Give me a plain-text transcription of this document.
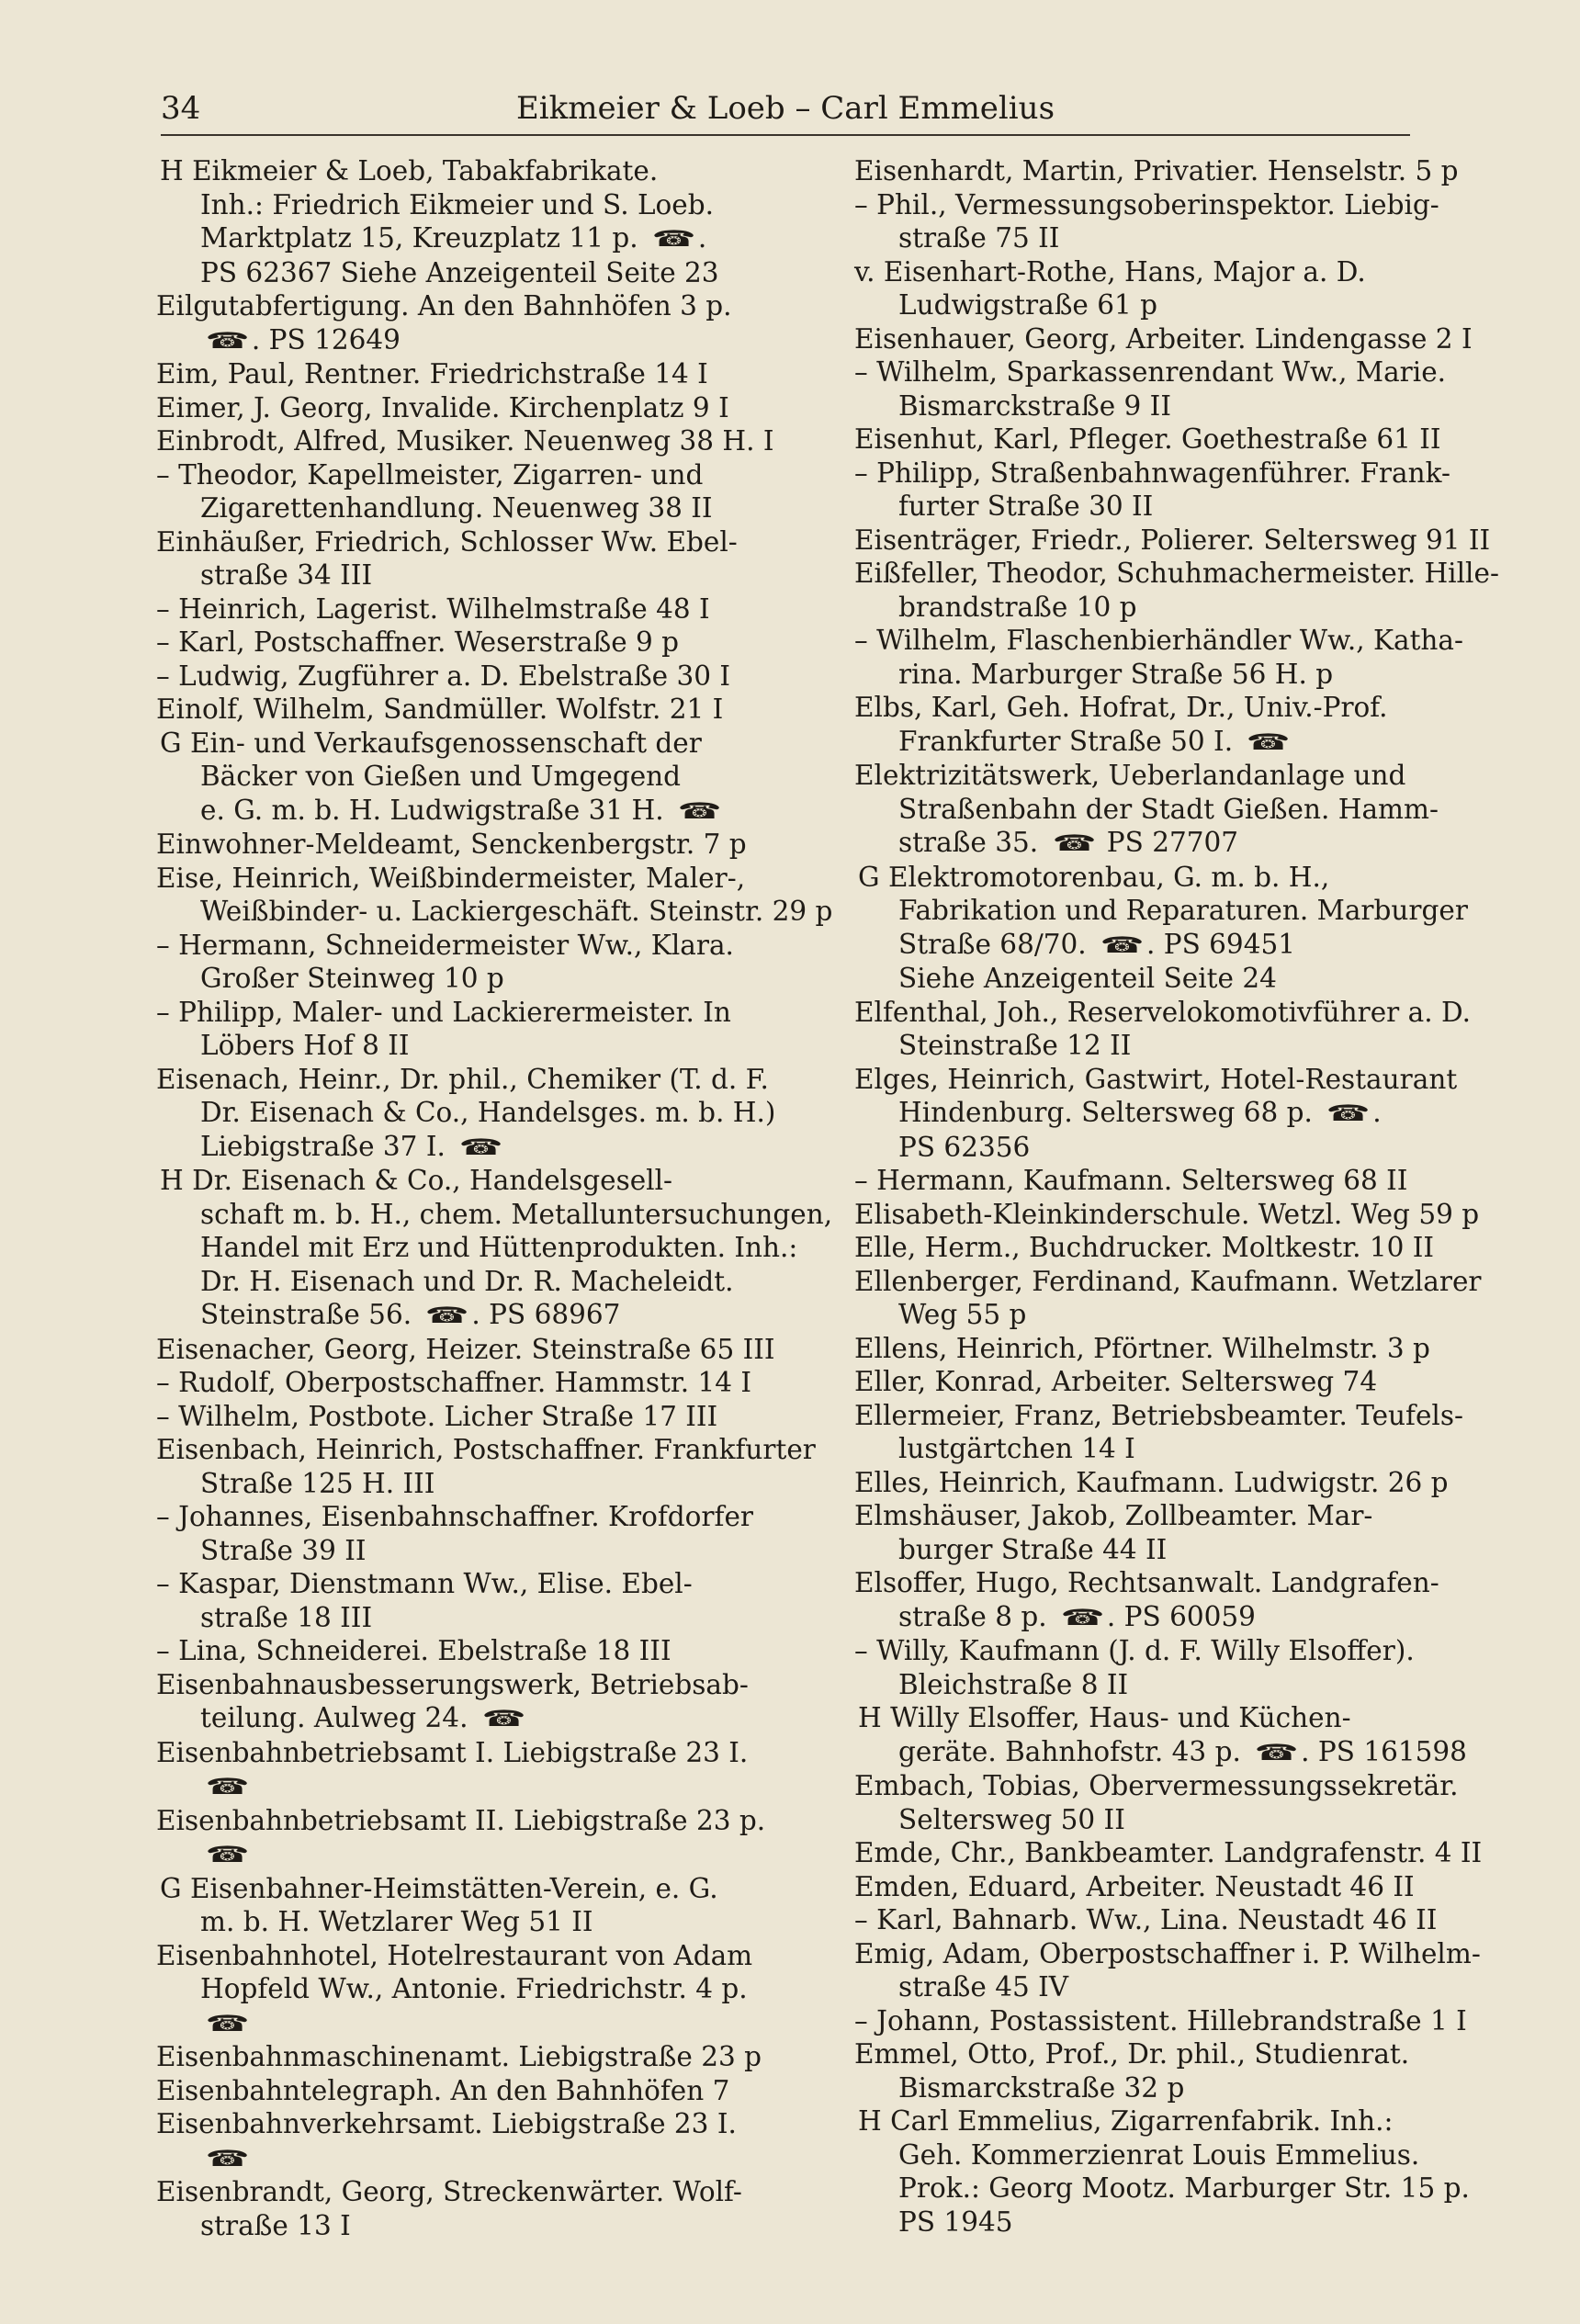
34	Eikmeier & Loeb – Carl Emmelius
H Eikmeier & Loeb, Tabakfabrikate.
Inh.: Friedrich Eikmeier und S. Loeb.
Marktplatz 15, Kreuzplatz 11 p. ☎ .
PS 62367 Siehe Anzeigenteil Seite 23
Eilgutabfertigung. An den Bahnhöfen 3 p.
☎ . PS 12649
Eim, Paul, Rentner. Friedrichstraße 14 I
Eimer, J. Georg, Invalide. Kirchenplatz 9 I
Einbrodt, Alfred, Musiker. Neuenweg 38 H. I
– Theodor, Kapellmeister, Zigarren- und
Zigarettenhandlung. Neuenweg 38 II
Einhäußer, Friedrich, Schlosser Ww. Ebel-
straße 34 III
– Heinrich, Lagerist. Wilhelmstraße 48 I
– Karl, Postschaffner. Weserstraße 9 p
– Ludwig, Zugführer a. D. Ebelstraße 30 I
Einolf, Wilhelm, Sandmüller. Wolfstr. 21 I
G Ein- und Verkaufsgenossenschaft der
Bäcker von Gießen und Umgegend
e. G. m. b. H. Ludwigstraße 31 H. ☎
Einwohner-Meldeamt, Senckenbergstr. 7 p
Eise, Heinrich, Weißbindermeister, Maler-,
Weißbinder- u. Lackiergeschäft. Steinstr. 29 p
– Hermann, Schneidermeister Ww., Klara.
Großer Steinweg 10 p
– Philipp, Maler- und Lackierermeister. In
Löbers Hof 8 II
Eisenach, Heinr., Dr. phil., Chemiker (T. d. F.
Dr. Eisenach & Co., Handelsges. m. b. H.)
Liebigstraße 37 I. ☎
H Dr. Eisenach & Co., Handelsgesell-
schaft m. b. H., chem. Metalluntersuchungen,
Handel mit Erz und Hüttenprodukten. Inh.:
Dr. H. Eisenach und Dr. R. Macheleidt.
Steinstraße 56. ☎ . PS 68967
Eisenacher, Georg, Heizer. Steinstraße 65 III
– Rudolf, Oberpostschaffner. Hammstr. 14 I
– Wilhelm, Postbote. Licher Straße 17 III
Eisenbach, Heinrich, Postschaffner. Frankfurter
Straße 125 H. III
– Johannes, Eisenbahnschaffner. Krofdorfer
Straße 39 II
– Kaspar, Dienstmann Ww., Elise. Ebel-
straße 18 III
– Lina, Schneiderei. Ebelstraße 18 III
Eisenbahnausbesserungswerk, Betriebsab-
teilung. Aulweg 24. ☎
Eisenbahnbetriebsamt I. Liebigstraße 23 I.
☎
Eisenbahnbetriebsamt II. Liebigstraße 23 p.
☎
G Eisenbahner-Heimstätten-Verein, e. G.
m. b. H. Wetzlarer Weg 51 II
Eisenbahnhotel, Hotelrestaurant von Adam
Hopfeld Ww., Antonie. Friedrichstr. 4 p.
☎
Eisenbahnmaschinenamt. Liebigstraße 23 p
Eisenbahntelegraph. An den Bahnhöfen 7
Eisenbahnverkehrsamt. Liebigstraße 23 I.
☎
Eisenbrandt, Georg, Streckenwärter. Wolf-
straße 13 I
Eisenhardt, Martin, Privatier. Henselstr. 5 p
– Phil., Vermessungsoberinspektor. Liebig-
straße 75 II
v. Eisenhart-Rothe, Hans, Major a. D.
Ludwigstraße 61 p
Eisenhauer, Georg, Arbeiter. Lindengasse 2 I
– Wilhelm, Sparkassenrendant Ww., Marie.
Bismarckstraße 9 II
Eisenhut, Karl, Pfleger. Goethestraße 61 II
– Philipp, Straßenbahnwagenführer. Frank-
furter Straße 30 II
Eisenträger, Friedr., Polierer. Seltersweg 91 II
Eißfeller, Theodor, Schuhmachermeister. Hille-
brandstraße 10 p
– Wilhelm, Flaschenbierhändler Ww., Katha-
rina. Marburger Straße 56 H. p
Elbs, Karl, Geh. Hofrat, Dr., Univ.-Prof.
Frankfurter Straße 50 I. ☎
Elektrizitätswerk, Ueberlandanlage und
Straßenbahn der Stadt Gießen. Hamm-
straße 35. ☎ PS 27707
G Elektromotorenbau, G. m. b. H.,
Fabrikation und Reparaturen. Marburger
Straße 68/70. ☎ . PS 69451
Siehe Anzeigenteil Seite 24
Elfenthal, Joh., Reservelokomotivführer a. D.
Steinstraße 12 II
Elges, Heinrich, Gastwirt, Hotel-Restaurant
Hindenburg. Seltersweg 68 p. ☎ .
PS 62356
– Hermann, Kaufmann. Seltersweg 68 II
Elisabeth-Kleinkinderschule. Wetzl. Weg 59 p
Elle, Herm., Buchdrucker. Moltkestr. 10 II
Ellenberger, Ferdinand, Kaufmann. Wetzlarer
Weg 55 p
Ellens, Heinrich, Pförtner. Wilhelmstr. 3 p
Eller, Konrad, Arbeiter. Seltersweg 74
Ellermeier, Franz, Betriebsbeamter. Teufels-
lustgärtchen 14 I
Elles, Heinrich, Kaufmann. Ludwigstr. 26 p
Elmshäuser, Jakob, Zollbeamter. Mar-
burger Straße 44 II
Elsoffer, Hugo, Rechtsanwalt. Landgrafen-
straße 8 p. ☎ . PS 60059
– Willy, Kaufmann (J. d. F. Willy Elsoffer).
Bleichstraße 8 II
H Willy Elsoffer, Haus- und Küchen-
geräte. Bahnhofstr. 43 p. ☎ . PS 161598
Embach, Tobias, Obervermessungssekretär.
Seltersweg 50 II
Emde, Chr., Bankbeamter. Landgrafenstr. 4 II
Emden, Eduard, Arbeiter. Neustadt 46 II
– Karl, Bahnarb. Ww., Lina. Neustadt 46 II
Emig, Adam, Oberpostschaffner i. P. Wilhelm-
straße 45 IV
– Johann, Postassistent. Hillebrandstraße 1 I
Emmel, Otto, Prof., Dr. phil., Studienrat.
Bismarckstraße 32 p
H Carl Emmelius, Zigarrenfabrik. Inh.:
Geh. Kommerzienrat Louis Emmelius.
Prok.: Georg Mootz. Marburger Str. 15 p.
PS 1945
